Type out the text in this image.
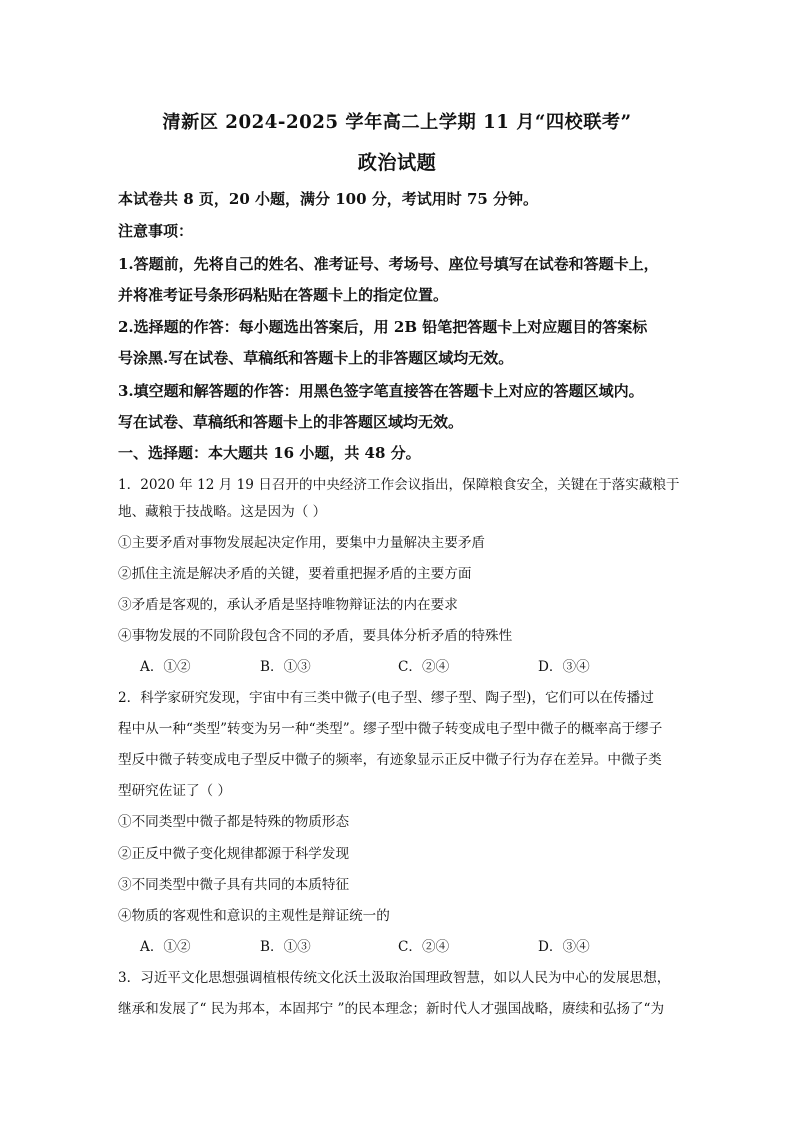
清新区 2024-2025 学年高二上学期 11 月“四校联考”
政治试题
本试卷共 8 页，20 小题，满分 100 分，考试用时 75 分钟。
注意事项：
1.答题前，先将自己的姓名、准考证号、考场号、座位号填写在试卷和答题卡上，
并将准考证号条形码粘贴在答题卡上的指定位置。
2.选择题的作答：每小题选出答案后，用 2B 铅笔把答题卡上对应题目的答案标
号涂黑.写在试卷、草稿纸和答题卡上的非答题区域均无效。
3.填空题和解答题的作答：用黑色签字笔直接答在答题卡上对应的答题区域内。
写在试卷、草稿纸和答题卡上的非答题区域均无效。
一、选择题：本大题共 16 小题，共 48 分。
1．2020 年 12 月 19 日召开的中央经济工作会议指出，保障粮食安全，关键在于落实藏粮于
地、藏粮于技战略。这是因为（ ）
①主要矛盾对事物发展起决定作用，要集中力量解决主要矛盾
②抓住主流是解决矛盾的关键，要着重把握矛盾的主要方面
③矛盾是客观的，承认矛盾是坚持唯物辩证法的内在要求
④事物发展的不同阶段包含不同的矛盾，要具体分析矛盾的特殊性
A．①②	B．①③	C．②④	D．③④
2．科学家研究发现，宇宙中有三类中微子(电子型、缪子型、陶子型)，它们可以在传播过
程中从一种“类型”转变为另一种“类型”。缪子型中微子转变成电子型中微子的概率高于缪子
型反中微子转变成电子型反中微子的频率，有迹象显示正反中微子行为存在差异。中微子类
型研究佐证了（ ）
①不同类型中微子都是特殊的物质形态
②正反中微子变化规律都源于科学发现
③不同类型中微子具有共同的本质特征
④物质的客观性和意识的主观性是辩证统一的
A．①②	B．①③	C．②④	D．③④
3．习近平文化思想强调植根传统文化沃土汲取治国理政智慧，如以人民为中心的发展思想，
继承和发展了“ 民为邦本，本固邦宁 ”的民本理念；新时代人才强国战略，赓续和弘扬了“为
